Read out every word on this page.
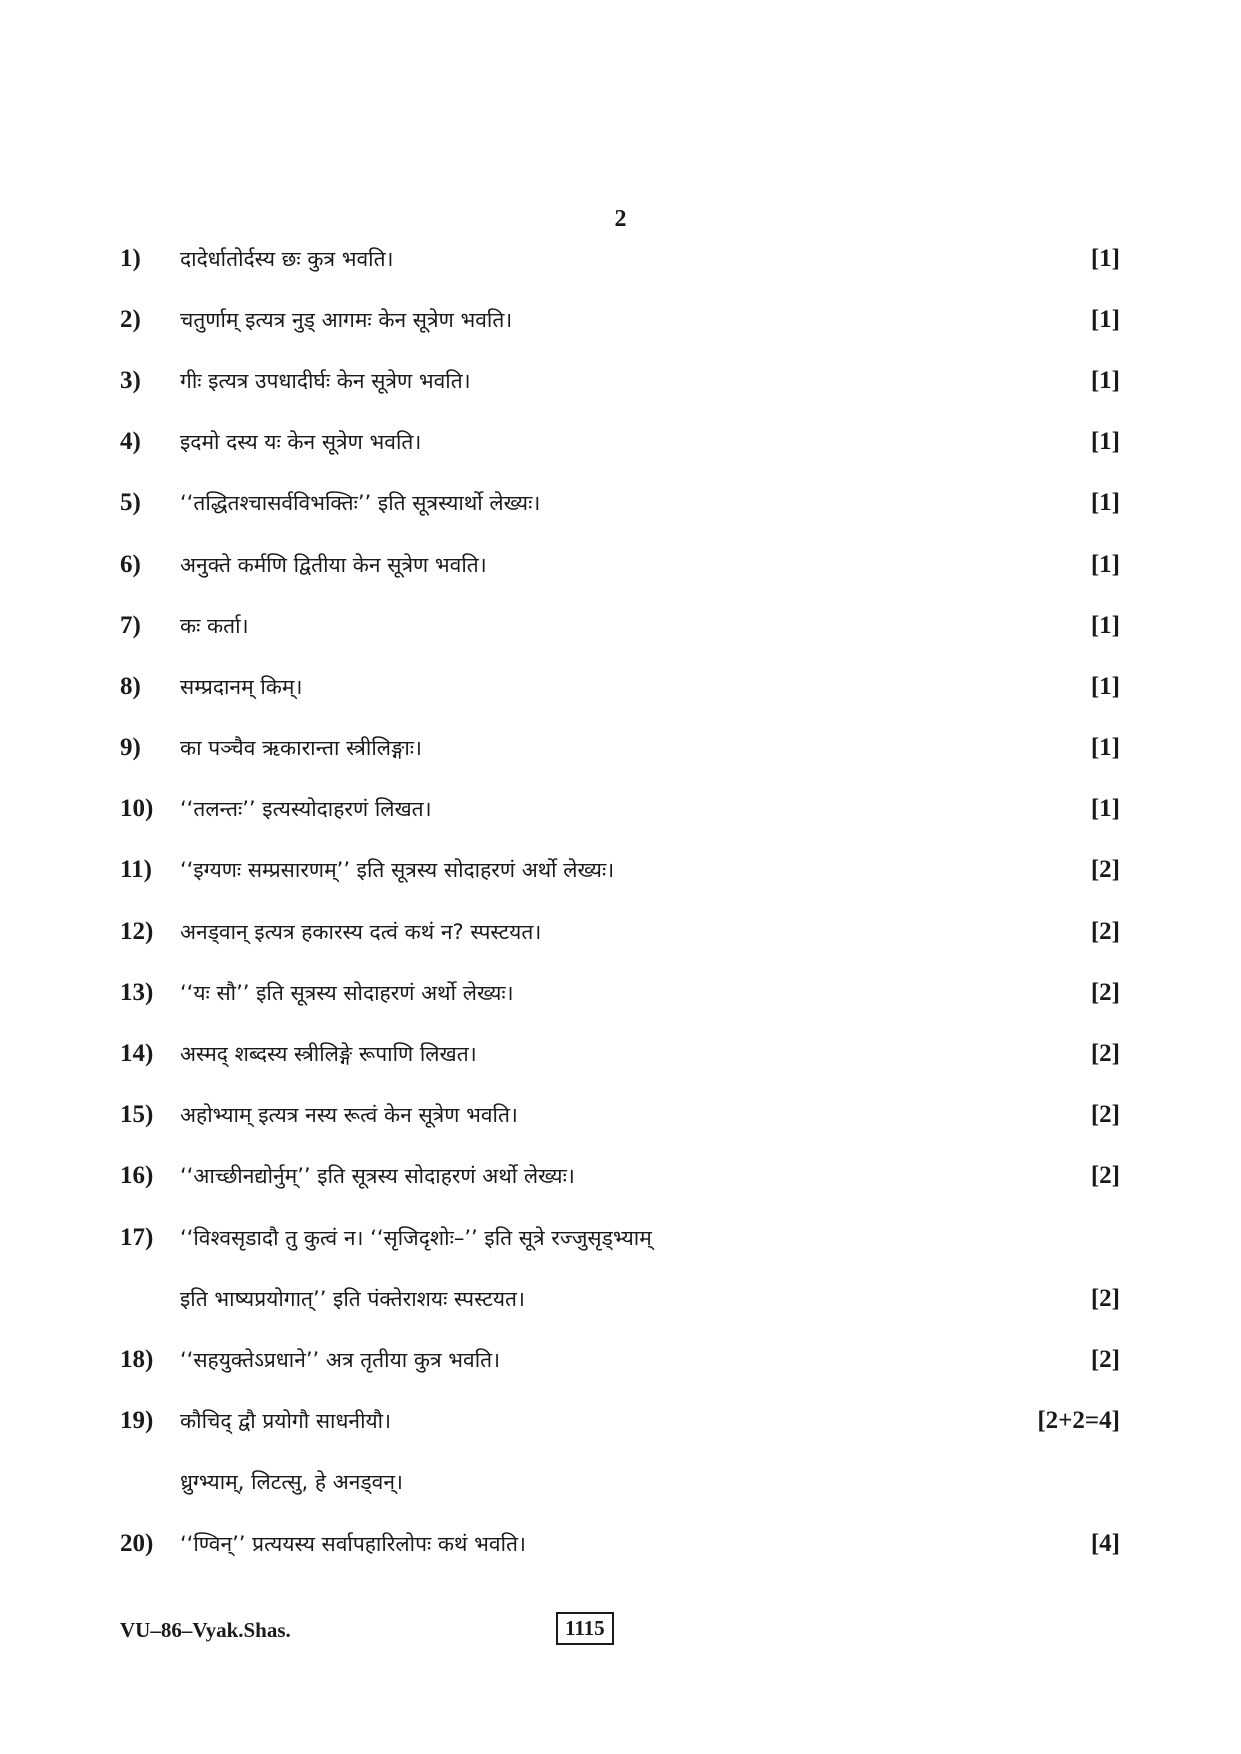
2
1)	दादेर्धातोर्दस्य छः कुत्र भवति।	[1]
2)	चतुर्णाम् इत्यत्र नुड् आगमः केन सूत्रेण भवति।	[1]
3)	गीः इत्यत्र उपधादीर्घः केन सूत्रेण भवति।	[1]
4)	इदमो दस्य यः केन सूत्रेण भवति।	[1]
5)	‘‘तद्धितश्चासर्वविभक्तिः’’ इति सूत्रस्यार्थो लेख्यः।	[1]
6)	अनुक्ते कर्मणि द्वितीया केन सूत्रेण भवति।	[1]
7)	कः कर्ता।	[1]
8)	सम्प्रदानम् किम्।	[1]
9)	का पञ्चैव ऋकारान्ता स्त्रीलिङ्गाः।	[1]
10)	‘‘तलन्तः’’ इत्यस्योदाहरणं लिखत।	[1]
11)	‘‘इग्यणः सम्प्रसारणम्’’ इति सूत्रस्य सोदाहरणं अर्थो लेख्यः।	[2]
12)	अनड्वान् इत्यत्र हकारस्य दत्वं कथं न? स्पस्टयत।	[2]
13)	‘‘यः सौ’’ इति सूत्रस्य सोदाहरणं अर्थो लेख्यः।	[2]
14)	अस्मद् शब्दस्य स्त्रीलिङ्गे रूपाणि लिखत।	[2]
15)	अहोभ्याम् इत्यत्र नस्य रूत्वं केन सूत्रेण भवति।	[2]
16)	‘‘आच्छीनद्योर्नुम्’’ इति सूत्रस्य सोदाहरणं अर्थो लेख्यः।	[2]
17)	‘‘विश्वसृडादौ तु कुत्वं न। ‘‘सृजिदृशोः–’’ इति सूत्रे रज्जुसृड्भ्याम्
इति भाष्यप्रयोगात्’’ इति पंक्तेराशयः स्पस्टयत।	[2]
18)	‘‘सहयुक्तेऽप्रधाने’’ अत्र तृतीया कुत्र भवति।	[2]
19)	कौचिद् द्वौ प्रयोगौ साधनीयौ।	[2+2=4]
ध्रुग्भ्याम्, लिटत्सु, हे अनड्वन्।
20)	‘‘ण्विन्’’ प्रत्ययस्य सर्वापहारिलोपः कथं भवति।	[4]
VU–86–Vyak.Shas.	1115
